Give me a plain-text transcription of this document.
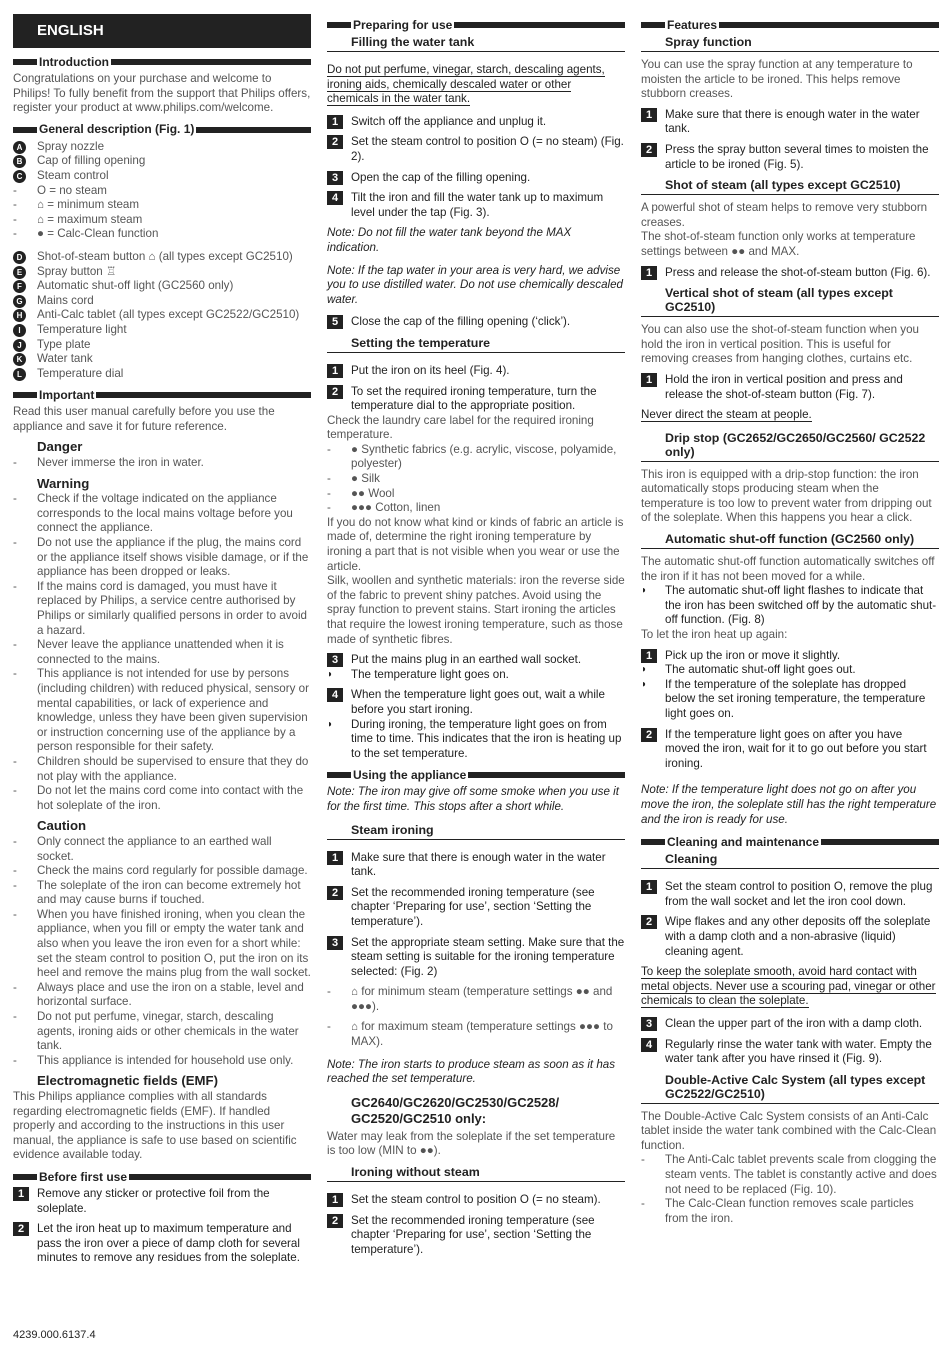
ENGLISH
Introduction

Congratulations on your purchase and welcome to Philips! To fully benefit from the support that Philips offers, register your product at www.philips.com/welcome.

General description (Fig. 1)
A	Spray nozzle
B	Cap of filling opening
C	Steam control
-	O = no steam
-	⌂ = minimum steam
-	⌂ = maximum steam
-	● = Calc-Clean function
D	Shot-of-steam button ⌂ (all types except GC2510)
E	Spray button ♖
F	Automatic shut-off light (GC2560 only)
G	Mains cord
H	Anti-Calc tablet (all types except GC2522/GC2510)
I	Temperature light
J	Type plate
K	Water tank
L	Temperature dial
Important

Read this user manual carefully before you use the appliance and save it for future reference.

Danger
-	Never immerse the iron in water.
Warning
-	Check if the voltage indicated on the appliance corresponds to the local mains voltage before you connect the appliance.
-	Do not use the appliance if the plug, the mains cord or the appliance itself shows visible damage, or if the appliance has been dropped or leaks.
-	If the mains cord is damaged, you must have it replaced by Philips, a service centre authorised by Philips or similarly qualified persons in order to avoid a hazard.
-	Never leave the appliance unattended when it is connected to the mains.
-	This appliance is not intended for use by persons (including children) with reduced physical, sensory or mental capabilities, or lack of experience and knowledge, unless they have been given supervision or instruction concerning use of the appliance by a person responsible for their safety.
-	Children should be supervised to ensure that they do not play with the appliance.
-	Do not let the mains cord come into contact with the hot soleplate of the iron.
Caution
-	Only connect the appliance to an earthed wall socket.
-	Check the mains cord regularly for possible damage.
-	The soleplate of the iron can become extremely hot and may cause burns if touched.
-	When you have finished ironing, when you clean the appliance, when you fill or empty the water tank and also when you leave the iron even for a short while: set the steam control to position O, put the iron on its heel and remove the mains plug from the wall socket.
-	Always place and use the iron on a stable, level and horizontal surface.
-	Do not put perfume, vinegar, starch, descaling agents, ironing aids or other chemicals in the water tank.
-	This appliance is intended for household use only.
Electromagnetic fields (EMF)

This Philips appliance complies with all standards regarding electromagnetic fields (EMF). If handled properly and according to the instructions in this user manual, the appliance is safe to use based on scientific evidence available today.

Before first use
1	Remove any sticker or protective foil from the soleplate.
2	Let the iron heat up to maximum temperature and pass the iron over a piece of damp cloth for several minutes to remove any residues from the soleplate.
Preparing for use
Filling the water tank
Do not put perfume, vinegar, starch, descaling agents, ironing aids, chemically descaled water or other chemicals in the water tank.
1	Switch off the appliance and unplug it.
2	Set the steam control to position O (= no steam) (Fig. 2).
3	Open the cap of the filling opening.
4	Tilt the iron and fill the water tank up to maximum level under the tap (Fig. 3).
Note: Do not fill the water tank beyond the MAX indication.
Note: If the tap water in your area is very hard, we advise you to use distilled water. Do not use chemically descaled water.
5	Close the cap of the filling opening (‘click’).
Setting the temperature
1	Put the iron on its heel (Fig. 4).
2	To set the required ironing temperature, turn the temperature dial to the appropriate position.

Check the laundry care label for the required ironing temperature.

-	● Synthetic fabrics (e.g. acrylic, viscose, polyamide, polyester)
-	● Silk
-	●● Wool
-	●●● Cotton, linen

If you do not know what kind or kinds of fabric an article is made of, determine the right ironing temperature by ironing a part that is not visible when you wear or use the article.

Silk, woollen and synthetic materials: iron the reverse side of the fabric to prevent shiny patches. Avoid using the spray function to prevent stains. Start ironing the articles that require the lowest ironing temperature, such as those made of synthetic fibres.

3	Put the mains plug in an earthed wall socket.
◗	The temperature light goes on.
4	When the temperature light goes out, wait a while before you start ironing.
◗	During ironing, the temperature light goes on from time to time. This indicates that the iron is heating up to the set temperature.
Using the appliance
Note: The iron may give off some smoke when you use it for the first time. This stops after a short while.
Steam ironing
1	Make sure that there is enough water in the water tank.
2	Set the recommended ironing temperature (see chapter ‘Preparing for use’, section ‘Setting the temperature’).
3	Set the appropriate steam setting. Make sure that the steam setting is suitable for the ironing temperature selected: (Fig. 2)
-	⌂ for minimum steam (temperature settings ●● and ●●●).
-	⌂ for maximum steam (temperature settings ●●● to MAX).
Note: The iron starts to produce steam as soon as it has reached the set temperature.
GC2640/GC2620/GC2530/GC2528/ GC2520/GC2510 only:

Water may leak from the soleplate if the set temperature is too low (MIN to ●●).

Ironing without steam
1	Set the steam control to position O (= no steam).
2	Set the recommended ironing temperature (see chapter ‘Preparing for use’, section ‘Setting the temperature’).
Features
Spray function

You can use the spray function at any temperature to moisten the article to be ironed. This helps remove stubborn creases.

1	Make sure that there is enough water in the water tank.
2	Press the spray button several times to moisten the article to be ironed (Fig. 5).
Shot of steam (all types except GC2510)

A powerful shot of steam helps to remove very stubborn creases.

The shot-of-steam function only works at temperature settings between ●● and MAX.

1	Press and release the shot-of-steam button (Fig. 6).
Vertical shot of steam (all types except GC2510)

You can also use the shot-of-steam function when you hold the iron in vertical position. This is useful for removing creases from hanging clothes, curtains etc.

1	Hold the iron in vertical position and press and release the shot-of-steam button (Fig. 7).
Never direct the steam at people.
Drip stop (GC2652/GC2650/GC2560/ GC2522 only)

This iron is equipped with a drip-stop function: the iron automatically stops producing steam when the temperature is too low to prevent water from dripping out of the soleplate. When this happens you hear a click.

Automatic shut-off function (GC2560 only)

The automatic shut-off function automatically switches off the iron if it has not been moved for a while.

◗	The automatic shut-off light flashes to indicate that the iron has been switched off by the automatic shut-off function. (Fig. 8)
To let the iron heat up again:
1	Pick up the iron or move it slightly.
◗	The automatic shut-off light goes out.
◗	If the temperature of the soleplate has dropped below the set ironing temperature, the temperature light goes on.
2	If the temperature light goes on after you have moved the iron, wait for it to go out before you start ironing.
Note: If the temperature light does not go on after you move the iron, the soleplate still has the right temperature and the iron is ready for use.
Cleaning and maintenance
Cleaning
1	Set the steam control to position O, remove the plug from the wall socket and let the iron cool down.
2	Wipe flakes and any other deposits off the soleplate with a damp cloth and a non-abrasive (liquid) cleaning agent.
To keep the soleplate smooth, avoid hard contact with metal objects. Never use a scouring pad, vinegar or other chemicals to clean the soleplate.
3	Clean the upper part of the iron with a damp cloth.
4	Regularly rinse the water tank with water. Empty the water tank after you have rinsed it (Fig. 9).
Double-Active Calc System (all types except GC2522/GC2510)

The Double-Active Calc System consists of an Anti-Calc tablet inside the water tank combined with the Calc-Clean function.

-	The Anti-Calc tablet prevents scale from clogging the steam vents. The tablet is constantly active and does not need to be replaced (Fig. 10).
-	The Calc-Clean function removes scale particles from the iron.
4239.000.6137.4
